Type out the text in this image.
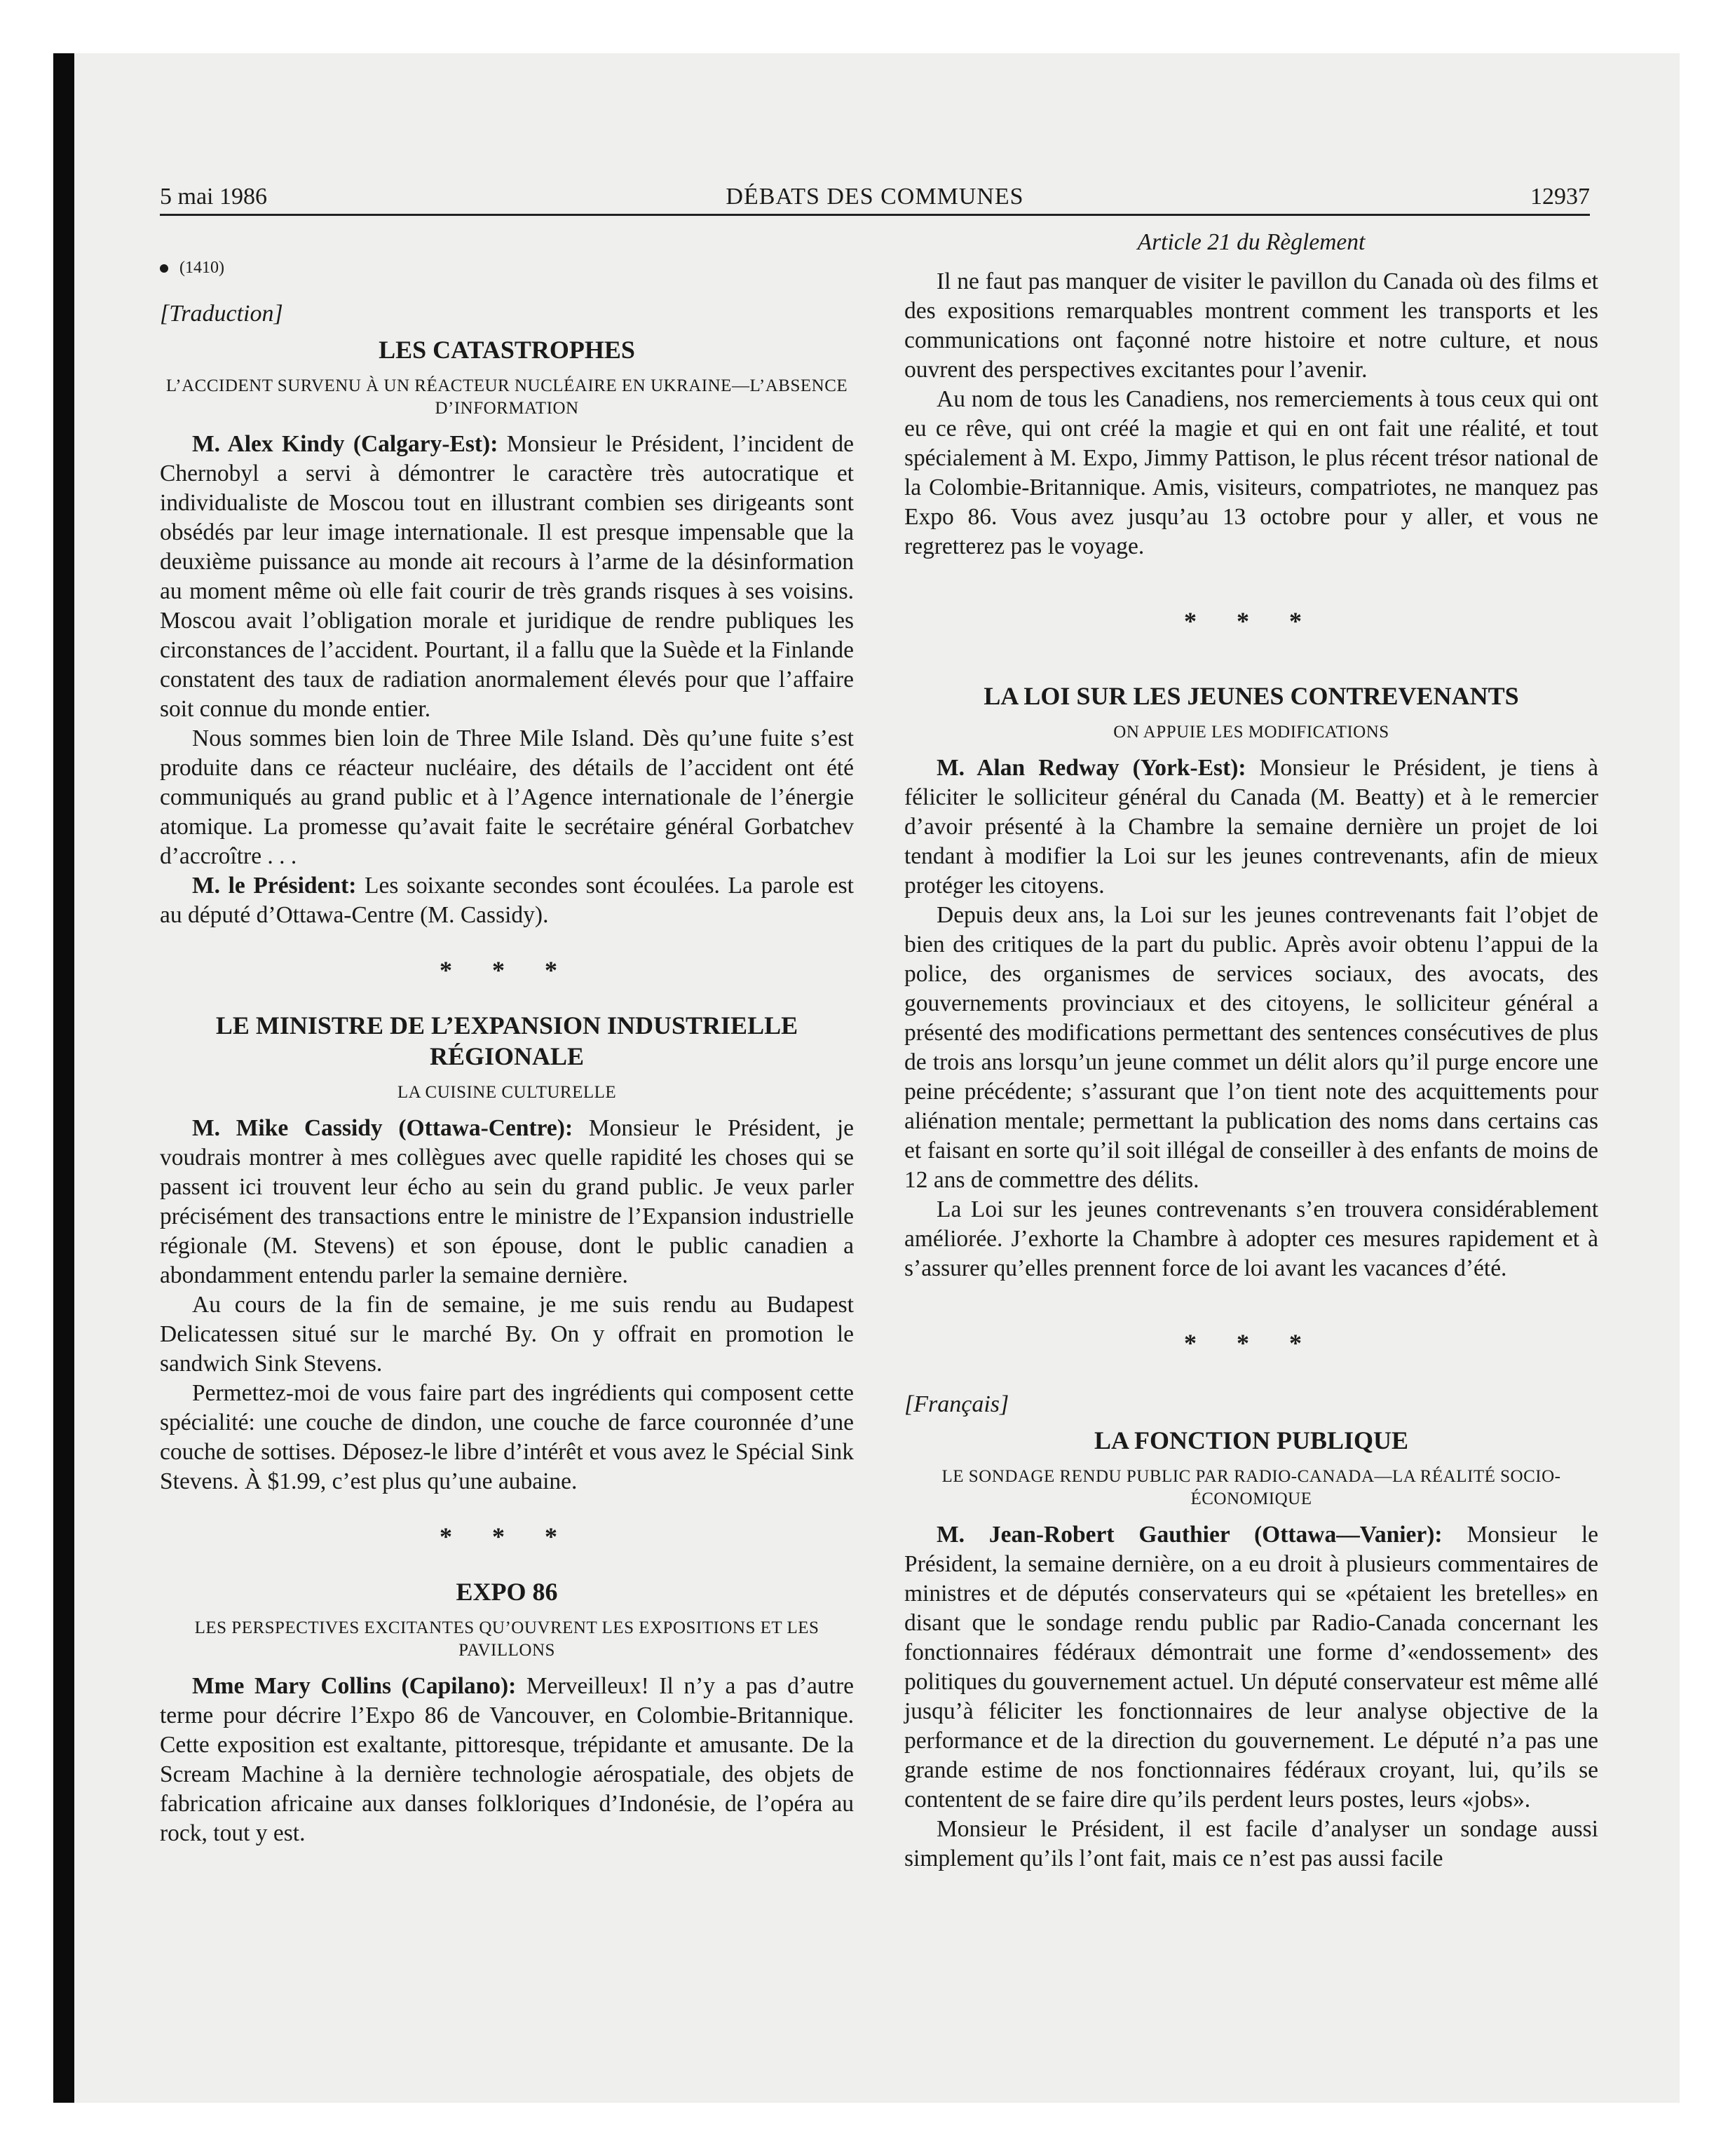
5 mai 1986	DÉBATS DES COMMUNES	12937
(1410)
[Traduction]
LES CATASTROPHES
L’ACCIDENT SURVENU À UN RÉACTEUR NUCLÉAIRE EN UKRAINE—L’ABSENCE D’INFORMATION

M. Alex Kindy (Calgary-Est): Monsieur le Président, l’incident de Chernobyl a servi à démontrer le caractère très autocratique et individualiste de Moscou tout en illustrant combien ses dirigeants sont obsédés par leur image internationale. Il est presque impensable que la deuxième puissance au monde ait recours à l’arme de la désinformation au moment même où elle fait courir de très grands risques à ses voisins. Moscou avait l’obligation morale et juridique de rendre publiques les circonstances de l’accident. Pourtant, il a fallu que la Suède et la Finlande constatent des taux de radiation anormalement élevés pour que l’affaire soit connue du monde entier.

Nous sommes bien loin de Three Mile Island. Dès qu’une fuite s’est produite dans ce réacteur nucléaire, des détails de l’accident ont été communiqués au grand public et à l’Agence internationale de l’énergie atomique. La promesse qu’avait faite le secrétaire général Gorbatchev d’accroître . . .

M. le Président: Les soixante secondes sont écoulées. La parole est au député d’Ottawa-Centre (M. Cassidy).

* * *
LE MINISTRE DE L’EXPANSION INDUSTRIELLE RÉGIONALE
LA CUISINE CULTURELLE

M. Mike Cassidy (Ottawa-Centre): Monsieur le Président, je voudrais montrer à mes collègues avec quelle rapidité les choses qui se passent ici trouvent leur écho au sein du grand public. Je veux parler précisément des transactions entre le ministre de l’Expansion industrielle régionale (M. Stevens) et son épouse, dont le public canadien a abondamment entendu parler la semaine dernière.

Au cours de la fin de semaine, je me suis rendu au Budapest Delicatessen situé sur le marché By. On y offrait en promotion le sandwich Sink Stevens.

Permettez-moi de vous faire part des ingrédients qui composent cette spécialité: une couche de dindon, une couche de farce couronnée d’une couche de sottises. Déposez-le libre d’intérêt et vous avez le Spécial Sink Stevens. À $1.99, c’est plus qu’une aubaine.

* * *
EXPO 86
LES PERSPECTIVES EXCITANTES QU’OUVRENT LES EXPOSITIONS ET LES PAVILLONS

Mme Mary Collins (Capilano): Merveilleux! Il n’y a pas d’autre terme pour décrire l’Expo 86 de Vancouver, en Colombie-Britannique. Cette exposition est exaltante, pittoresque, trépidante et amusante. De la Scream Machine à la dernière technologie aérospatiale, des objets de fabrication africaine aux danses folkloriques d’Indonésie, de l’opéra au rock, tout y est.

Article 21 du Règlement

Il ne faut pas manquer de visiter le pavillon du Canada où des films et des expositions remarquables montrent comment les transports et les communications ont façonné notre histoire et notre culture, et nous ouvrent des perspectives excitantes pour l’avenir.

Au nom de tous les Canadiens, nos remerciements à tous ceux qui ont eu ce rêve, qui ont créé la magie et qui en ont fait une réalité, et tout spécialement à M. Expo, Jimmy Pattison, le plus récent trésor national de la Colombie-Britannique. Amis, visiteurs, compatriotes, ne manquez pas Expo 86. Vous avez jusqu’au 13 octobre pour y aller, et vous ne regretterez pas le voyage.

* * *
LA LOI SUR LES JEUNES CONTREVENANTS
ON APPUIE LES MODIFICATIONS

M. Alan Redway (York-Est): Monsieur le Président, je tiens à féliciter le solliciteur général du Canada (M. Beatty) et à le remercier d’avoir présenté à la Chambre la semaine dernière un projet de loi tendant à modifier la Loi sur les jeunes contrevenants, afin de mieux protéger les citoyens.

Depuis deux ans, la Loi sur les jeunes contrevenants fait l’objet de bien des critiques de la part du public. Après avoir obtenu l’appui de la police, des organismes de services sociaux, des avocats, des gouvernements provinciaux et des citoyens, le solliciteur général a présenté des modifications permettant des sentences consécutives de plus de trois ans lorsqu’un jeune commet un délit alors qu’il purge encore une peine précédente; s’assurant que l’on tient note des acquittements pour aliénation mentale; permettant la publication des noms dans certains cas et faisant en sorte qu’il soit illégal de conseiller à des enfants de moins de 12 ans de commettre des délits.

La Loi sur les jeunes contrevenants s’en trouvera considérablement améliorée. J’exhorte la Chambre à adopter ces mesures rapidement et à s’assurer qu’elles prennent force de loi avant les vacances d’été.

* * *
[Français]
LA FONCTION PUBLIQUE
LE SONDAGE RENDU PUBLIC PAR RADIO-CANADA—LA RÉALITÉ SOCIO-ÉCONOMIQUE

M. Jean-Robert Gauthier (Ottawa—Vanier): Monsieur le Président, la semaine dernière, on a eu droit à plusieurs commentaires de ministres et de députés conservateurs qui se «pétaient les bretelles» en disant que le sondage rendu public par Radio-Canada concernant les fonctionnaires fédéraux démontrait une forme d’«endossement» des politiques du gouvernement actuel. Un député conservateur est même allé jusqu’à féliciter les fonctionnaires de leur analyse objective de la performance et de la direction du gouvernement. Le député n’a pas une grande estime de nos fonctionnaires fédéraux croyant, lui, qu’ils se contentent de se faire dire qu’ils perdent leurs postes, leurs «jobs».

Monsieur le Président, il est facile d’analyser un sondage aussi simplement qu’ils l’ont fait, mais ce n’est pas aussi facile
